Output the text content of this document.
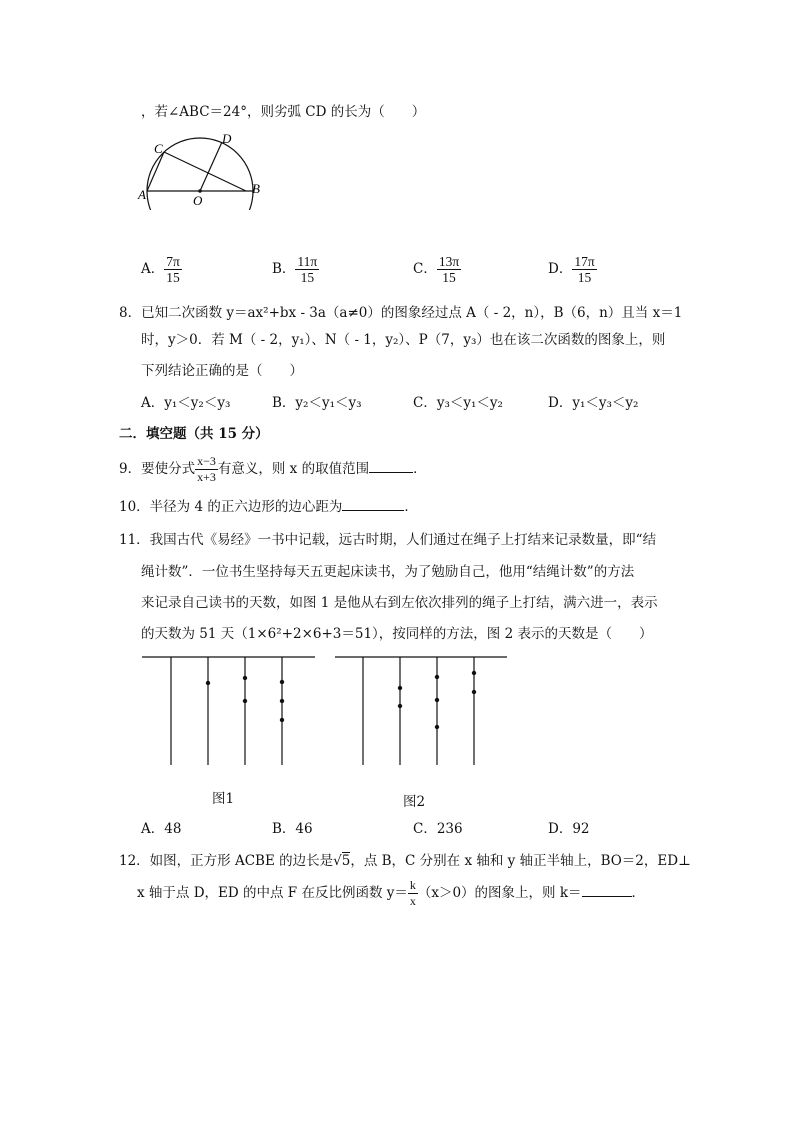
，若∠ABC＝24°，则劣弧 CD 的长为（　　）
A	B
C
D
O
A． $\frac{7\pi}{15}$	B． $\frac{11\pi}{15}$	C． $\frac{13\pi}{15}$	D． $\frac{17\pi}{15}$
8．已知二次函数 y＝ax²+bx - 3a（a≠0）的图象经过点 A（ - 2，n），B（6，n）且当 x＝1
时，y＞0．若 M（ - 2，y₁）、N（ - 1，y₂）、P（7，y₃）也在该二次函数的图象上，则
下列结论正确的是（　　）
A．y₁＜y₂＜y₃	B．y₂＜y₁＜y₃	C．y₃＜y₁＜y₂	D．y₁＜y₃＜y₂
二．填空题（共 15 分）
9．要使分式 $\frac{x-3}{x+3}$ 有意义，则 x 的取值范围	．
10．半径为 4 的正六边形的边心距为	．
11．我国古代《易经》一书中记载，远古时期，人们通过在绳子上打结来记录数量，即“结
绳计数”．一位书生坚持每天五更起床读书，为了勉励自己，他用“结绳计数”的方法
来记录自己读书的天数，如图 1 是他从右到左依次排列的绳子上打结，满六进一，表示
的天数为 51 天（1×6²+2×6+3＝51），按同样的方法，图 2 表示的天数是（　　）
图1	图2
A．48	B．46	C．236	D．92
12．如图，正方形 ACBE 的边长是√5，点 B，C 分别在 x 轴和 y 轴正半轴上，BO＝2，ED⊥
x 轴于点 D，ED 的中点 F 在反比例函数 $y= \frac{k}{x} (x>0)$的图象上，则 k＝	．
